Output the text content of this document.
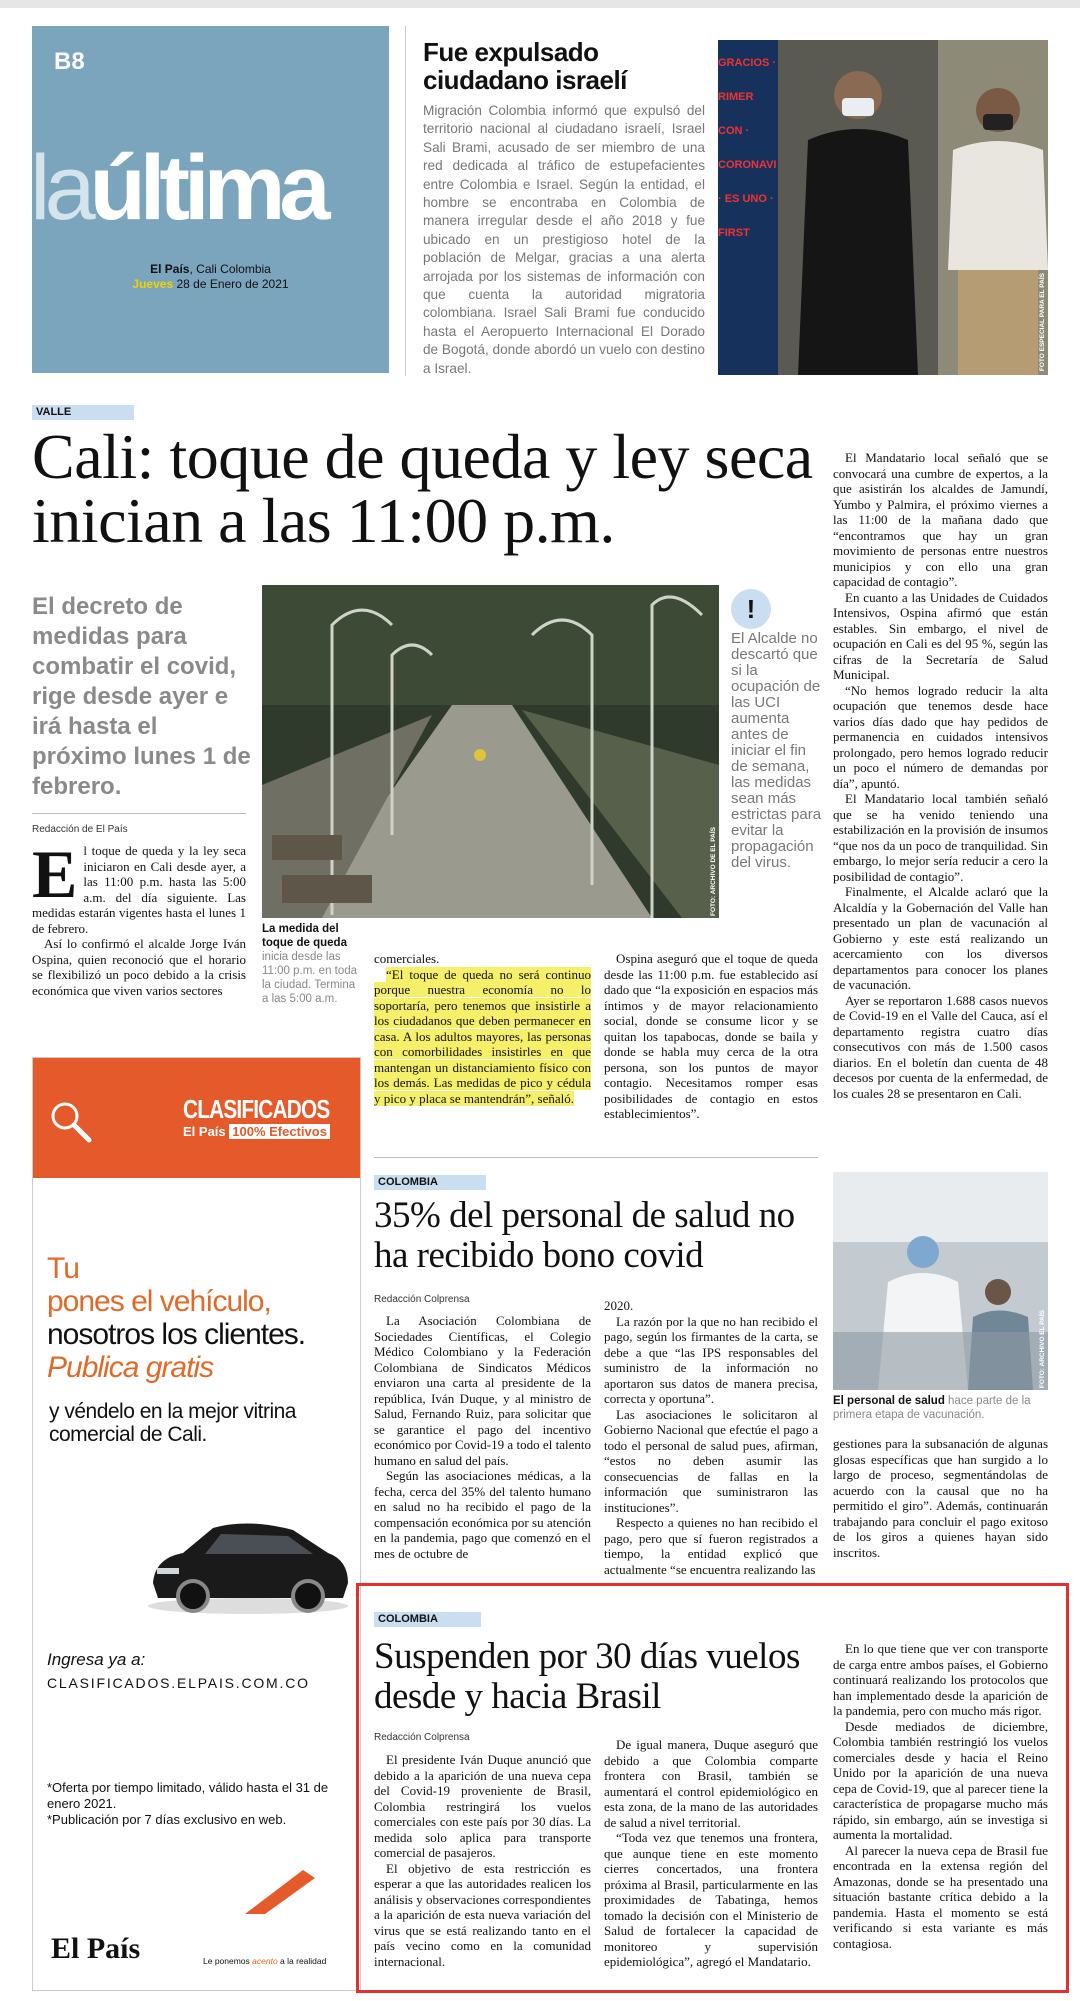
B8
laúltima
El País, Cali Colombia
Jueves 28 de Enero de 2021
Fue expulsado ciudadano israelí
Migración Colombia informó que expulsó del territorio nacional al ciudadano israelí, Israel Sali Brami, acusado de ser miembro de una red dedicada al tráfico de estupefacientes entre Colombia e Israel. Según la entidad, el hombre se encontraba en Colombia de manera irregular desde el año 2018 y fue ubicado en un prestigioso hotel de la población de Melgar, gracias a una alerta arrojada por los sistemas de información con que cuenta la autoridad migratoria colombiana. Israel Sali Brami fue conducido hasta el Aeropuerto Internacional El Dorado de Bogotá, donde abordó un vuelo con destino a Israel.
GRACIOS · RIMER CON · CORONAVI · ES UNO · FIRST
FOTO ESPECIAL PARA EL PAÍS
VALLE
Cali: toque de queda y ley seca inician a las 11:00 p.m.
El decreto de medidas para combatir el covid, rige desde ayer e irá hasta el próximo lunes 1 de febrero.
Redacción de El País
El toque de queda y la ley seca iniciaron en Cali desde ayer, a las 11:00 p.m. hasta las 5:00 a.m. del día siguiente. Las medidas estarán vigentes hasta el lunes 1 de febrero.

Así lo confirmó el alcalde Jorge Iván Ospina, quien reconoció que el horario se flexibilizó un poco debido a la crisis económica que viven varios sectores

FOTO: ARCHIVO DE EL PAÍS
La medida del toque de queda inicia desde las 11:00 p.m. en toda la ciudad. Termina a las 5:00 a.m.
!
El Alcalde no descartó que si la ocupación de las UCI aumenta antes de iniciar el fin de semana, las medidas sean más estrictas para evitar la propagación del virus.
comerciales.

“El toque de queda no será continuo porque nuestra economía no lo soportaría, pero tenemos que insistirle a los ciudadanos que deben permanecer en casa. A los adultos mayores, las personas con comorbilidades insistirles en que mantengan un distanciamiento físico con los demás. Las medidas de pico y cédula y pico y placa se mantendrán”, señaló.

Ospina aseguró que el toque de queda desde las 11:00 p.m. fue establecido así dado que “la exposición en espacios más íntimos y de mayor relacionamiento social, donde se consume licor y se quitan los tapabocas, donde se baila y donde se habla muy cerca de la otra persona, son los puntos de mayor contagio. Necesitamos romper esas posibilidades de contagio en estos establecimientos”.

El Mandatario local señaló que se convocará una cumbre de expertos, a la que asistirán los alcaldes de Jamundí, Yumbo y Palmira, el próximo viernes a las 11:00 de la mañana dado que “encontramos que hay un gran movimiento de personas entre nuestros municipios y con ello una gran capacidad de contagio”.

En cuanto a las Unidades de Cuidados Intensivos, Ospina afirmó que están estables. Sin embargo, el nivel de ocupación en Cali es del 95 %, según las cifras de la Secretaría de Salud Municipal.

“No hemos logrado reducir la alta ocupación que tenemos desde hace varios días dado que hay pedidos de permanencia en cuidados intensivos prolongado, pero hemos logrado reducir un poco el número de demandas por día”, apuntó.

El Mandatario local también señaló que se ha venido teniendo una estabilización en la provisión de insumos “que nos da un poco de tranquilidad. Sin embargo, lo mejor sería reducir a cero la posibilidad de contagio”.

Finalmente, el Alcalde aclaró que la Alcaldía y la Gobernación del Valle han presentado un plan de vacunación al Gobierno y este está realizando un acercamiento con los diversos departamentos para conocer los planes de vacunación.

Ayer se reportaron 1.688 casos nuevos de Covid-19 en el Valle del Cauca, así el departamento registra cuatro días consecutivos con más de 1.500 casos diarios. En el boletín dan cuenta de 48 decesos por cuenta de la enfermedad, de los cuales 28 se presentaron en Cali.

CLASIFICADOS
El País 100% Efectivos
Tu
pones el vehículo,
nosotros los clientes.
Publica gratis
y véndelo en la mejor vitrina comercial de Cali.
Ingresa ya a:
CLASIFICADOS.ELPAIS.COM.CO
*Oferta por tiempo limitado, válido hasta el 31 de enero 2021.
*Publicación por 7 días exclusivo en web.
El País	Le ponemos acento a la realidad
COLOMBIA
35% del personal de salud no ha recibido bono covid
Redacción Colprensa

La Asociación Colombiana de Sociedades Científicas, el Colegio Médico Colombiano y la Federación Colombiana de Sindicatos Médicos enviaron una carta al presidente de la república, Iván Duque, y al ministro de Salud, Fernando Ruiz, para solicitar que se garantice el pago del incentivo económico por Covid-19 a todo el talento humano en salud del país.

Según las asociaciones médicas, a la fecha, cerca del 35% del talento humano en salud no ha recibido el pago de la compensación económica por su atención en la pandemia, pago que comenzó en el mes de octubre de

2020.

La razón por la que no han recibido el pago, según los firmantes de la carta, se debe a que “las IPS responsables del suministro de la información no aportaron sus datos de manera precisa, correcta y oportuna”.

Las asociaciones le solicitaron al Gobierno Nacional que efectúe el pago a todo el personal de salud pues, afirman, “estos no deben asumir las consecuencias de fallas en la información que suministraron las instituciones”.

Respecto a quienes no han recibido el pago, pero que sí fueron registrados a tiempo, la entidad explicó que actualmente “se encuentra realizando las

FOTO: ARCHIVO EL PAÍS
El personal de salud hace parte de la primera etapa de vacunación.
gestiones para la subsanación de algunas glosas específicas que han surgido a lo largo de proceso, segmentándolas de acuerdo con la causal que no ha permitido el giro”. Además, continuarán trabajando para concluir el pago exitoso de los giros a quienes hayan sido inscritos.
COLOMBIA
Suspenden por 30 días vuelos desde y hacia Brasil
Redacción Colprensa

El presidente Iván Duque anunció que debido a la aparición de una nueva cepa del Covid-19 proveniente de Brasil, Colombia restringirá los vuelos comerciales con este país por 30 días. La medida solo aplica para transporte comercial de pasajeros.

El objetivo de esta restricción es esperar a que las autoridades realicen los análisis y observaciones correspondientes a la aparición de esta nueva variación del virus que se está realizando tanto en el país vecino como en la comunidad internacional.

De igual manera, Duque aseguró que debido a que Colombia comparte frontera con Brasil, también se aumentará el control epidemiológico en esta zona, de la mano de las autoridades de salud a nivel territorial.

“Toda vez que tenemos una frontera, que aunque tiene en este momento cierres concertados, una frontera próxima al Brasil, particularmente en las proximidades de Tabatinga, hemos tomado la decisión con el Ministerio de Salud de fortalecer la capacidad de monitoreo y supervisión epidemiológica”, agregó el Mandatario.

En lo que tiene que ver con transporte de carga entre ambos países, el Gobierno continuará realizando los protocolos que han implementado desde la aparición de la pandemia, pero con mucho más rigor.

Desde mediados de diciembre, Colombia también restringió los vuelos comerciales desde y hacia el Reino Unido por la aparición de una nueva cepa de Covid-19, que al parecer tiene la característica de propagarse mucho más rápido, sin embargo, aún se investiga si aumenta la mortalidad.

Al parecer la nueva cepa de Brasil fue encontrada en la extensa región del Amazonas, donde se ha presentado una situación bastante crítica debido a la pandemia. Hasta el momento se está verificando si esta variante es más contagiosa.
